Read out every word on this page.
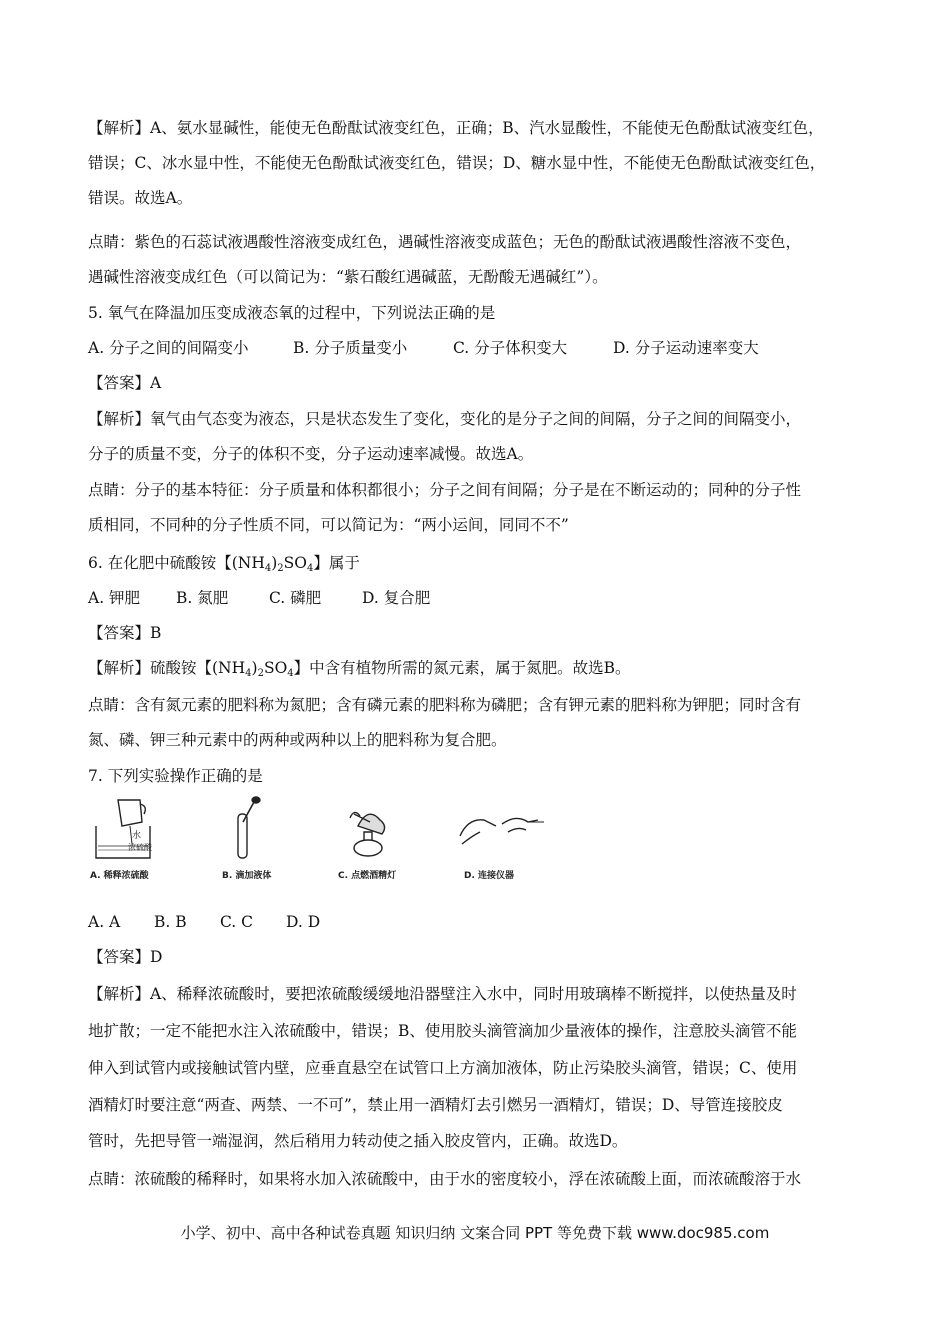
【解析】A、氨水显碱性，能使无色酚酞试液变红色，正确；B、汽水显酸性，不能使无色酚酞试液变红色，
错误；C、冰水显中性，不能使无色酚酞试液变红色，错误；D、糖水显中性，不能使无色酚酞试液变红色，
错误。故选A。
点睛：紫色的石蕊试液遇酸性溶液变成红色，遇碱性溶液变成蓝色；无色的酚酞试液遇酸性溶液不变色，
遇碱性溶液变成红色（可以简记为：“紫石酸红遇碱蓝，无酚酸无遇碱红”）。
5. 氧气在降温加压变成液态氧的过程中，下列说法正确的是
A. 分子之间的间隔变小	B. 分子质量变小	C. 分子体积变大	D. 分子运动速率变大
【答案】A
【解析】氧气由气态变为液态，只是状态发生了变化，变化的是分子之间的间隔，分子之间的间隔变小，
分子的质量不变，分子的体积不变，分子运动速率减慢。故选A。
点睛：分子的基本特征：分子质量和体积都很小；分子之间有间隔；分子是在不断运动的；同种的分子性
质相同，不同种的分子性质不同，可以简记为：“两小运间，同同不不”
6. 在化肥中硫酸铵【$(NH_4)_2SO_4$】属于
A. 钾肥 B. 氮肥	C. 磷肥	D. 复合肥
【答案】B
【解析】硫酸铵【$(NH_4)_2SO_4$】中含有植物所需的氮元素，属于氮肥。故选B。
点睛：含有氮元素的肥料称为氮肥；含有磷元素的肥料称为磷肥；含有钾元素的肥料称为钾肥；同时含有
氮、磷、钾三种元素中的两种或两种以上的肥料称为复合肥。
7. 下列实验操作正确的是
水
浓硫酸
A. 稀释浓硫酸	B. 滴加液体	C. 点燃酒精灯	D. 连接仪器
A. A B. B C. C D. D
【答案】D
【解析】A、稀释浓硫酸时，要把浓硫酸缓缓地沿器壁注入水中，同时用玻璃棒不断搅拌，以使热量及时
地扩散；一定不能把水注入浓硫酸中，错误；B、使用胶头滴管滴加少量液体的操作，注意胶头滴管不能
伸入到试管内或接触试管内壁，应垂直悬空在试管口上方滴加液体，防止污染胶头滴管，错误；C、使用
酒精灯时要注意“两查、两禁、一不可”，禁止用一酒精灯去引燃另一酒精灯，错误；D、导管连接胶皮
管时，先把导管一端湿润，然后稍用力转动使之插入胶皮管内，正确。故选D。
点睛：浓硫酸的稀释时，如果将水加入浓硫酸中，由于水的密度较小，浮在浓硫酸上面，而浓硫酸溶于水
小学、初中、高中各种试卷真题 知识归纳 文案合同 PPT 等免费下载 www.doc985.com
